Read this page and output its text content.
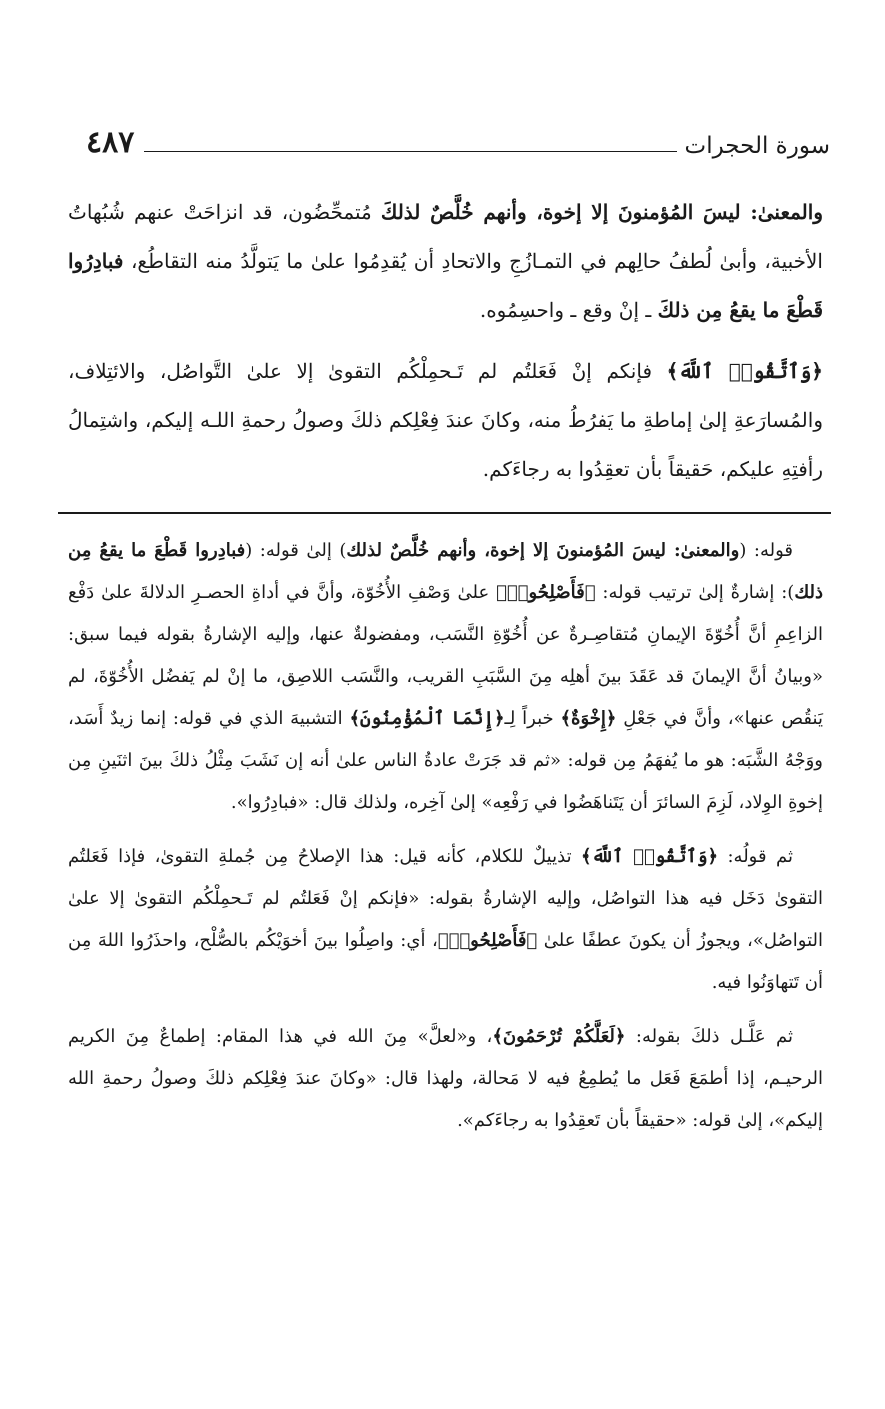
سورة الحجرات
٤٨٧

والمعنىٰ: ليسَ المُؤمنونَ إلا إخوة، وأنهم خُلَّصٌ لذلكَ مُتمحِّضُون، قد انزاحَتْ عنهم شُبُهاتُ الأخبية، وأبىٰ لُطفُ حالِهم في التمـازُجِ والاتحادِ أن يُقدِمُوا علىٰ ما يَتولَّدُ منه التقاطُع، فبادِرُوا قَطْعَ ما يقعُ مِن ذلكَ ـ إنْ وقع ـ واحسِمُوه.

﴿وَٱتَّقُوا۟ ٱللَّهَ﴾ فإنكم إنْ فَعَلتُم لم تَـحمِلْكُم التقوىٰ إلا علىٰ التَّواصُل، والائتِلاف، والمُسارَعةِ إلىٰ إماطةِ ما يَفرُطُ منه، وكانَ عندَ فِعْلِكم ذلكَ وصولُ رحمةِ اللـه إليكم، واشتِمالُ رأفتِهِ عليكم، حَقيقاً بأن تعقِدُوا به رجاءَكم.

قوله: (والمعنىٰ: ليسَ المُؤمنونَ إلا إخوة، وأنهم خُلَّصٌ لذلك) إلىٰ قوله: (فبادِروا قَطْعَ ما يقعُ مِن ذلك): إشارةٌ إلىٰ ترتيب قوله: ﴿فَأَصْلِحُوا۟﴾ علىٰ وَصْفِ الأُخُوّة، وأنَّ في أداةِ الحصـرِ الدلالةَ علىٰ دَفْع الزاعِمِ أنَّ أُخُوّةَ الإيمانِ مُتقاصِـرةٌ عن أُخُوّةِ النَّسَب، ومفضولةٌ عنها، وإليه الإشارةُ بقوله فيما سبق: «وبيانُ أنَّ الإيمانَ قد عَقَدَ بينَ أهلِه مِنَ السَّبَبِ القريب، والنَّسَب اللاصِق، ما إنْ لم يَفضُل الأُخُوّةَ، لم يَنقُص عنها»، وأنَّ في جَعْلِ ﴿إِخْوَةٌ﴾ خبراً لِـ﴿إِنَّمَا ٱلْمُؤْمِنُونَ﴾ التشبيهَ الذي في قوله: إنما زيدٌ أَسَد، ووَجْهُ الشَّبَه: هو ما يُفهَمُ مِن قوله: «ثم قد جَرَتْ عادةُ الناس علىٰ أنه إن نَشَبَ مِثْلُ ذلكَ بينَ اثنَينِ مِن إخوةِ الوِلاد، لَزِمَ السائرَ أن يَتَناهَضُوا في رَفْعِه» إلىٰ آخِره، ولذلك قال: «فبادِرُوا».

ثم قولُه: ﴿وَٱتَّقُوا۟ ٱللَّهَ﴾ تذييلٌ للكلام، كأنه قيل: هذا الإصلاحُ مِن جُملةِ التقوىٰ، فإذا فَعَلتُم التقوىٰ دَخَل فيه هذا التواصُل، وإليه الإشارةُ بقوله: «فإنكم إنْ فَعَلتُم لم تَـحمِلْكُم التقوىٰ إلا علىٰ التواصُل»، ويجوزُ أن يكونَ عطفًا علىٰ ﴿فَأَصْلِحُوا۟﴾، أي: واصِلُوا بينَ أخوَيْكُم بالصُّلْح، واحذَرُوا اللهَ مِن أن تَتهاوَنُوا فيه.

ثم عَلَّـل ذلكَ بقوله: ﴿لَعَلَّكُمْ تُرْحَمُونَ﴾، و«لعلَّ» مِنَ الله في هذا المقام: إطماعٌ مِنَ الكريم الرحيـم، إذا أطمَعَ فَعَل ما يُطمِعُ فيه لا مَحالة، ولهذا قال: «وكانَ عندَ فِعْلِكم ذلكَ وصولُ رحمةِ الله إليكم»، إلىٰ قوله: «حقيقاً بأن تَعقِدُوا به رجاءَكم».
